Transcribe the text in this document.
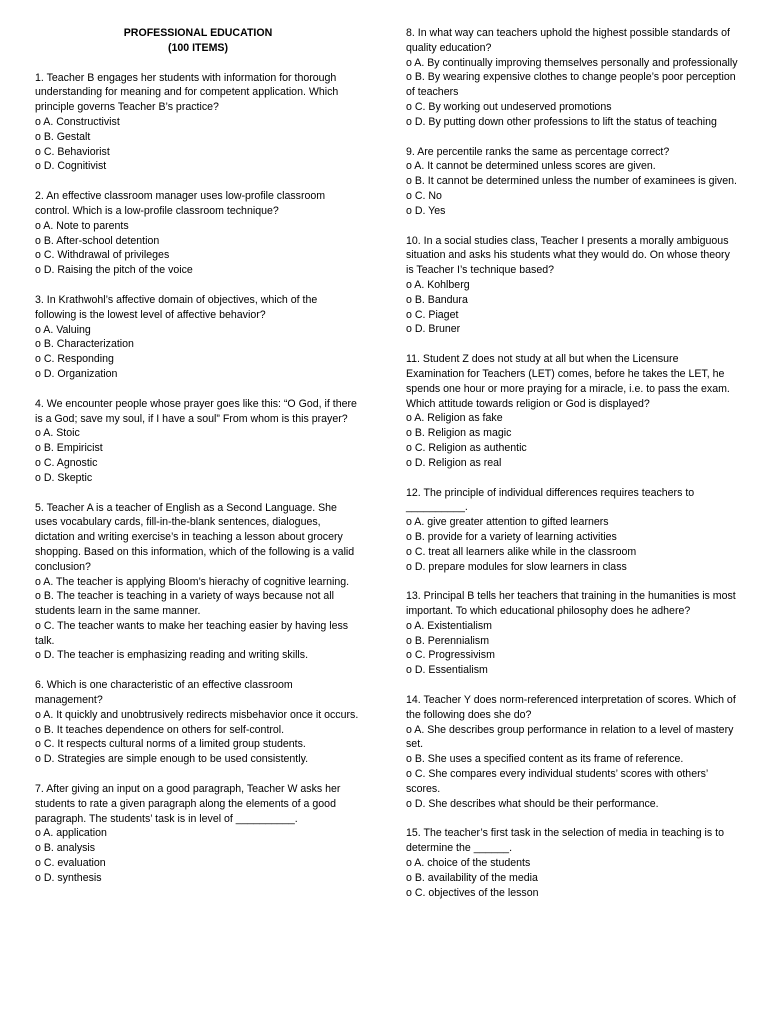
PROFESSIONAL EDUCATION
(100 ITEMS)
1. Teacher B engages her students with information for thorough understanding for meaning and for competent application. Which principle governs Teacher B’s practice?
o A. Constructivist
o B. Gestalt
o C. Behaviorist
o D. Cognitivist
2. An effective classroom manager uses low-profile classroom control. Which is a low-profile classroom technique?
o A. Note to parents
o B. After-school detention
o C. Withdrawal of privileges
o D. Raising the pitch of the voice
3. In Krathwohl’s affective domain of objectives, which of the following is the lowest level of affective behavior?
o A. Valuing
o B. Characterization
o C. Responding
o D. Organization
4. We encounter people whose prayer goes like this: “O God, if there is a God; save my soul, if I have a soul” From whom is this prayer?
o A. Stoic
o B. Empiricist
o C. Agnostic
o D. Skeptic
5. Teacher A is a teacher of English as a Second Language. She uses vocabulary cards, fill-in-the-blank sentences, dialogues, dictation and writing exercise’s in teaching a lesson about grocery shopping. Based on this information, which of the following is a valid conclusion?
o A. The teacher is applying Bloom’s hierachy of cognitive learning.
o B. The teacher is teaching in a variety of ways because not all students learn in the same manner.
o C. The teacher wants to make her teaching easier by having less talk.
o D. The teacher is emphasizing reading and writing skills.
6. Which is one characteristic of an effective classroom management?
o A. It quickly and unobtrusively redirects misbehavior once it occurs.
o B. It teaches dependence on others for self-control.
o C. It respects cultural norms of a limited group students.
o D. Strategies are simple enough to be used consistently.
7. After giving an input on a good paragraph, Teacher W asks her students to rate a given paragraph along the elements of a good paragraph. The students’ task is in level of __________.
o A. application
o B. analysis
o C. evaluation
o D. synthesis
8. In what way can teachers uphold the highest possible standards of quality education?
o A. By continually improving themselves personally and professionally
o B. By wearing expensive clothes to change people’s poor perception of teachers
o C. By working out undeserved promotions
o D. By putting down other professions to lift the status of teaching
9. Are percentile ranks the same as percentage correct?
o A. It cannot be determined unless scores are given.
o B. It cannot be determined unless the number of examinees is given.
o C. No
o D. Yes
10. In a social studies class, Teacher I presents a morally ambiguous situation and asks his students what they would do. On whose theory is Teacher I’s technique based?
o A. Kohlberg
o B. Bandura
o C. Piaget
o D. Bruner
11. Student Z does not study at all but when the Licensure Examination for Teachers (LET) comes, before he takes the LET, he spends one hour or more praying for a miracle, i.e. to pass the exam. Which attitude towards religion or God is displayed?
o A. Religion as fake
o B. Religion as magic
o C. Religion as authentic
o D. Religion as real
12. The principle of individual differences requires teachers to __________.
o A. give greater attention to gifted learners
o B. provide for a variety of learning activities
o C. treat all learners alike while in the classroom
o D. prepare modules for slow learners in class
13. Principal B tells her teachers that training in the humanities is most important. To which educational philosophy does he adhere?
o A. Existentialism
o B. Perennialism
o C. Progressivism
o D. Essentialism
14. Teacher Y does norm-referenced interpretation of scores. Which of the following does she do?
o A. She describes group performance in relation to a level of mastery set.
o B. She uses a specified content as its frame of reference.
o C. She compares every individual students’ scores with others’ scores.
o D. She describes what should be their performance.
15. The teacher’s first task in the selection of media in teaching is to determine the ______.
o A. choice of the students
o B. availability of the media
o C. objectives of the lesson
